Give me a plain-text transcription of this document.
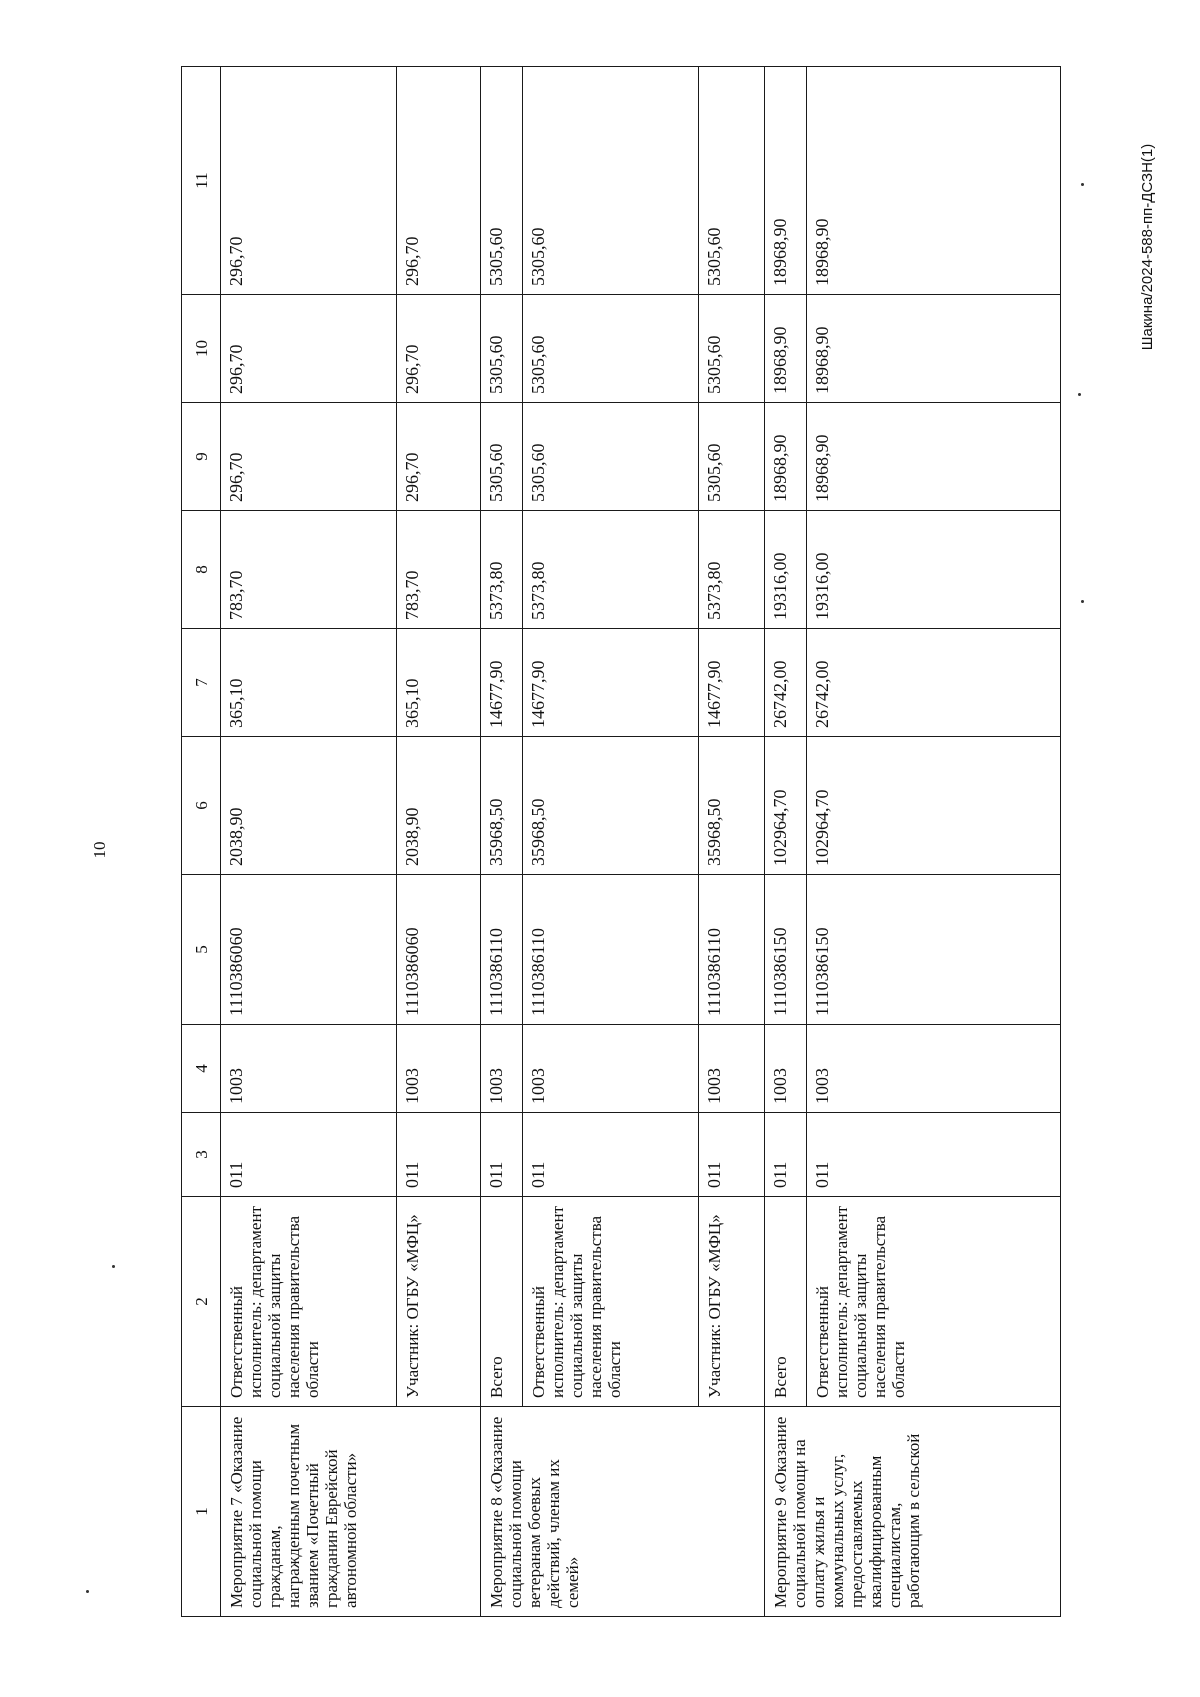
10
Шакина/2024-588-пп-ДСЗН(1)
1	2	3	4	5	6	7	8	9	10	11
Мероприятие 7 «Оказание социальной помощи гражданам, награжденным почетным званием «Почетный гражданин Еврейской автономной области»	Ответственный исполнитель: департамент социальной защиты населения правительства области	011	1003	1110386060	2038,90	365,10	783,70	296,70	296,70	296,70
	Участник: ОГБУ «МФЦ»	011	1003	1110386060	2038,90	365,10	783,70	296,70	296,70	296,70
Мероприятие 8 «Оказание социальной помощи ветеранам боевых действий, членам их семей»	Всего	011	1003	1110386110	35968,50	14677,90	5373,80	5305,60	5305,60	5305,60
	Ответственный исполнитель: департамент социальной защиты населения правительства области	011	1003	1110386110	35968,50	14677,90	5373,80	5305,60	5305,60	5305,60
	Участник: ОГБУ «МФЦ»	011	1003	1110386110	35968,50	14677,90	5373,80	5305,60	5305,60	5305,60
Мероприятие 9 «Оказание социальной помощи на оплату жилья и коммунальных услуг, предоставляемых квалифицированным специалистам, работающим в сельской	Всего	011	1003	1110386150	102964,70	26742,00	19316,00	18968,90	18968,90	18968,90
	Ответственный исполнитель: департамент социальной защиты населения правительства области	011	1003	1110386150	102964,70	26742,00	19316,00	18968,90	18968,90	18968,90
